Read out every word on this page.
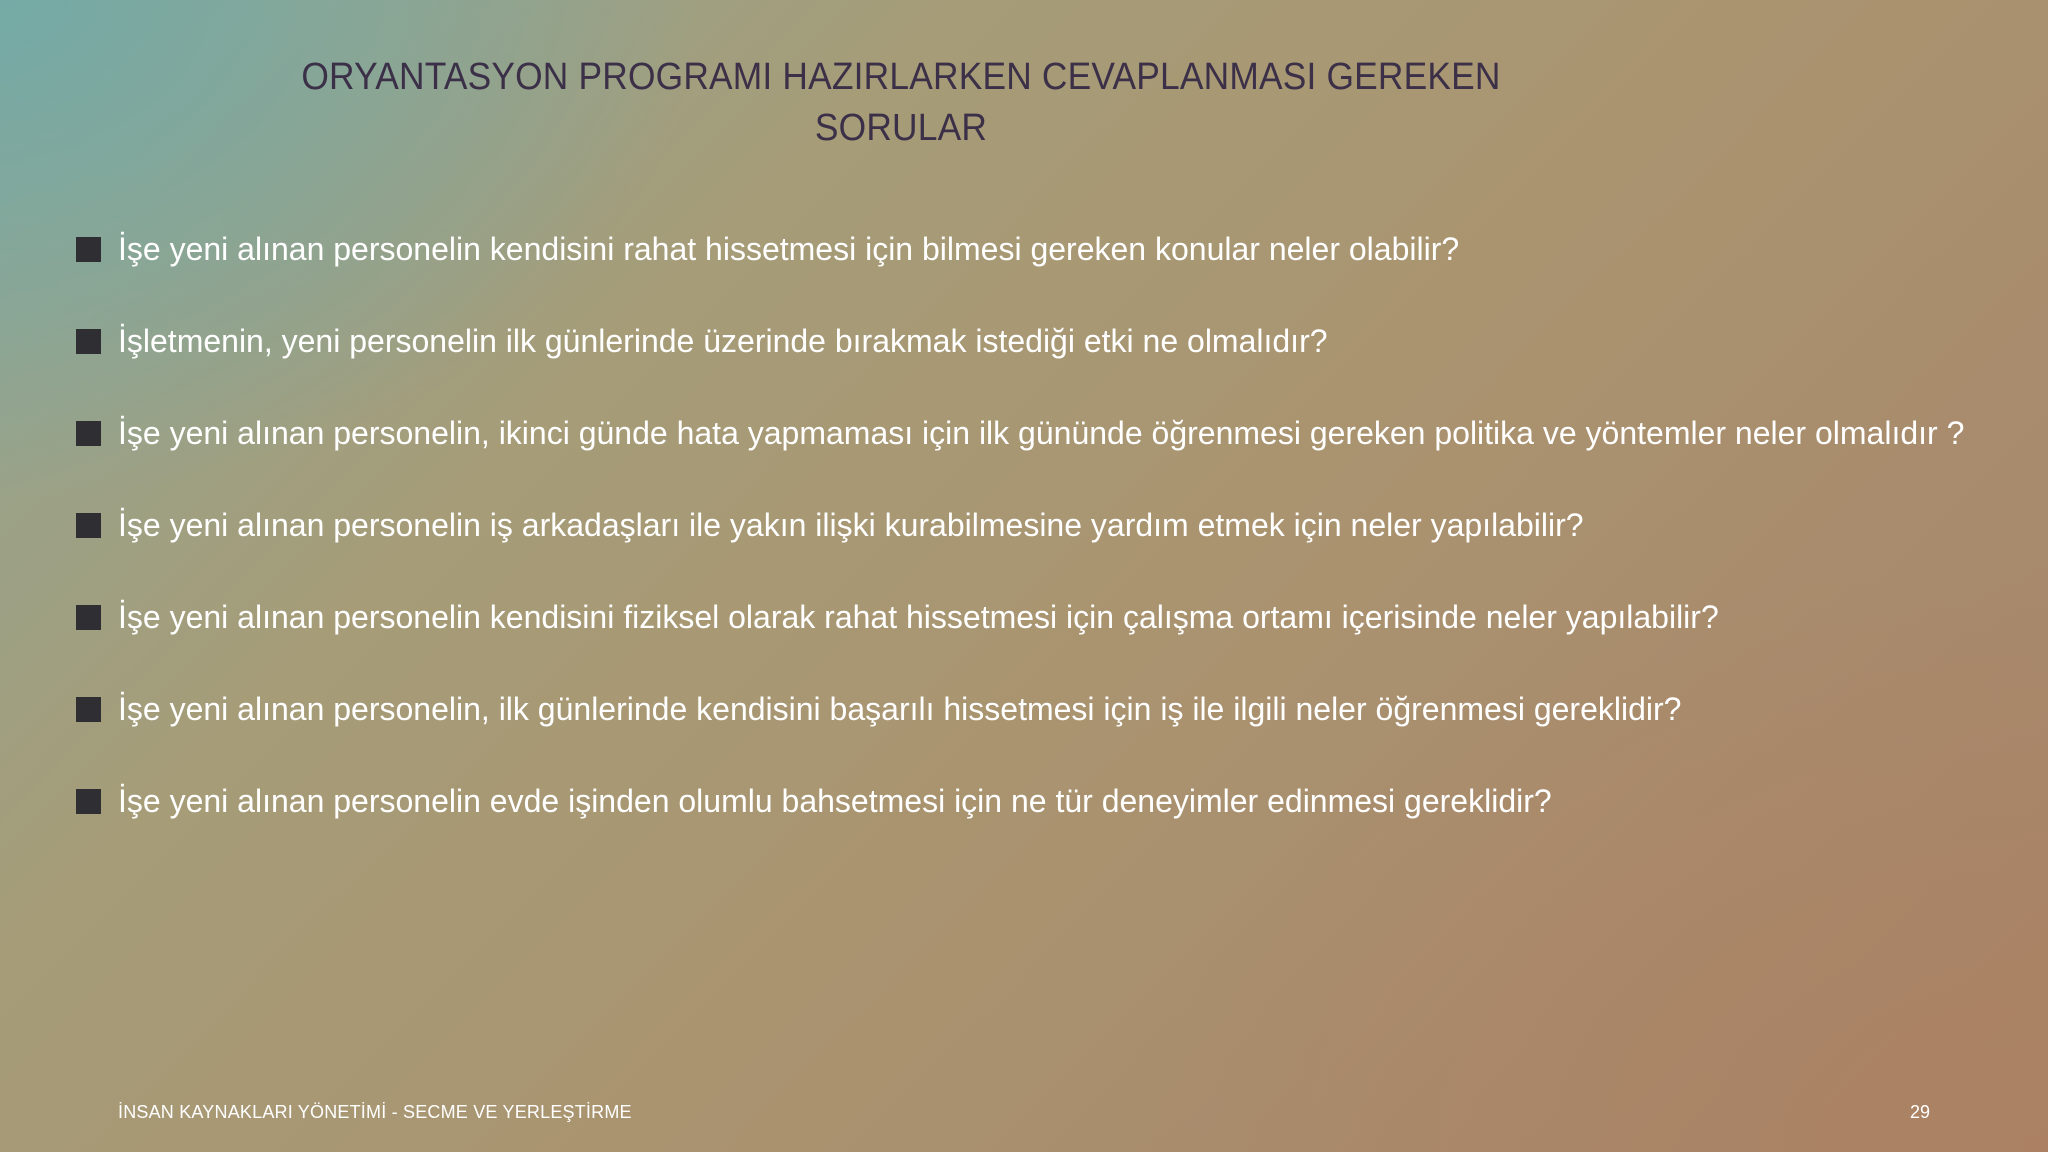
ORYANTASYON PROGRAMI HAZIRLARKEN CEVAPLANMASI GEREKEN
SORULAR
İşe yeni alınan personelin kendisini rahat hissetmesi için bilmesi gereken konular neler olabilir?
İşletmenin, yeni personelin ilk günlerinde üzerinde bırakmak istediği etki ne olmalıdır?
İşe yeni alınan personelin, ikinci günde hata yapmaması için ilk gününde öğrenmesi gereken politika ve yöntemler neler olmalıdır ?
İşe yeni alınan personelin iş arkadaşları ile yakın ilişki kurabilmesine yardım etmek için neler yapılabilir?
İşe yeni alınan personelin kendisini fiziksel olarak rahat hissetmesi için çalışma ortamı içerisinde neler yapılabilir?
İşe yeni alınan personelin, ilk günlerinde kendisini başarılı hissetmesi için iş ile ilgili neler öğrenmesi gereklidir?
İşe yeni alınan personelin evde işinden olumlu bahsetmesi için ne tür deneyimler edinmesi gereklidir?
İNSAN KAYNAKLARI YÖNETİMİ - SECME VE YERLEŞTİRME	29
